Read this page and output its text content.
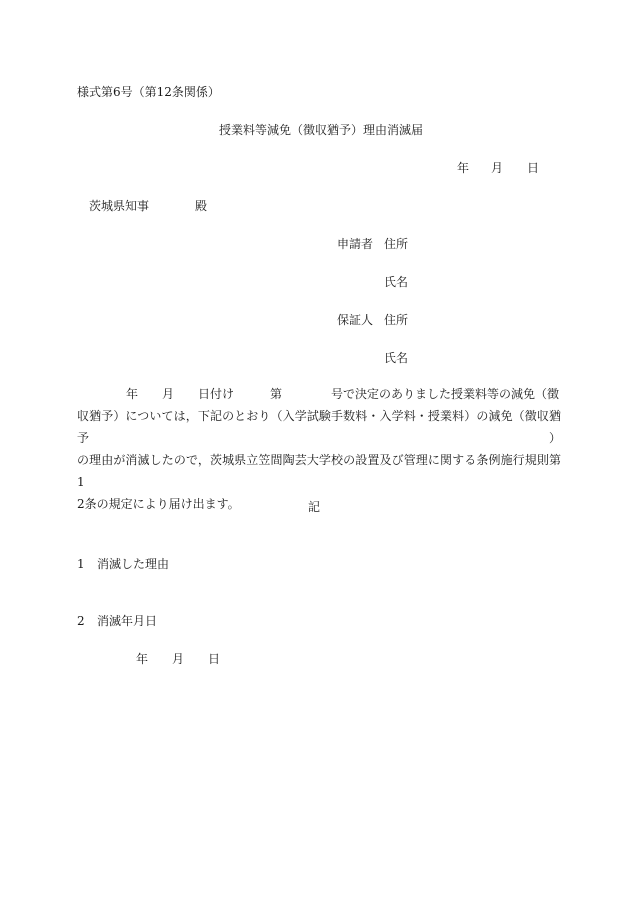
様式第6号（第12条関係）
授業料等減免（徴収猶予）理由消滅届
年 月 日
茨城県知事	殿
申請者 住所
氏名
保証人 住所
氏名
年 月 日付け	第	号で決定のありました授業料等の減免（徴
収猶予）については，下記のとおり（入学試験手数料・入学料・授業料）の減免（徴収猶予）
の理由が消滅したので，茨城県立笠間陶芸大学校の設置及び管理に関する条例施行規則第1
2条の規定により届け出ます。	記
1 消滅した理由
2 消滅年月日
年 月 日
